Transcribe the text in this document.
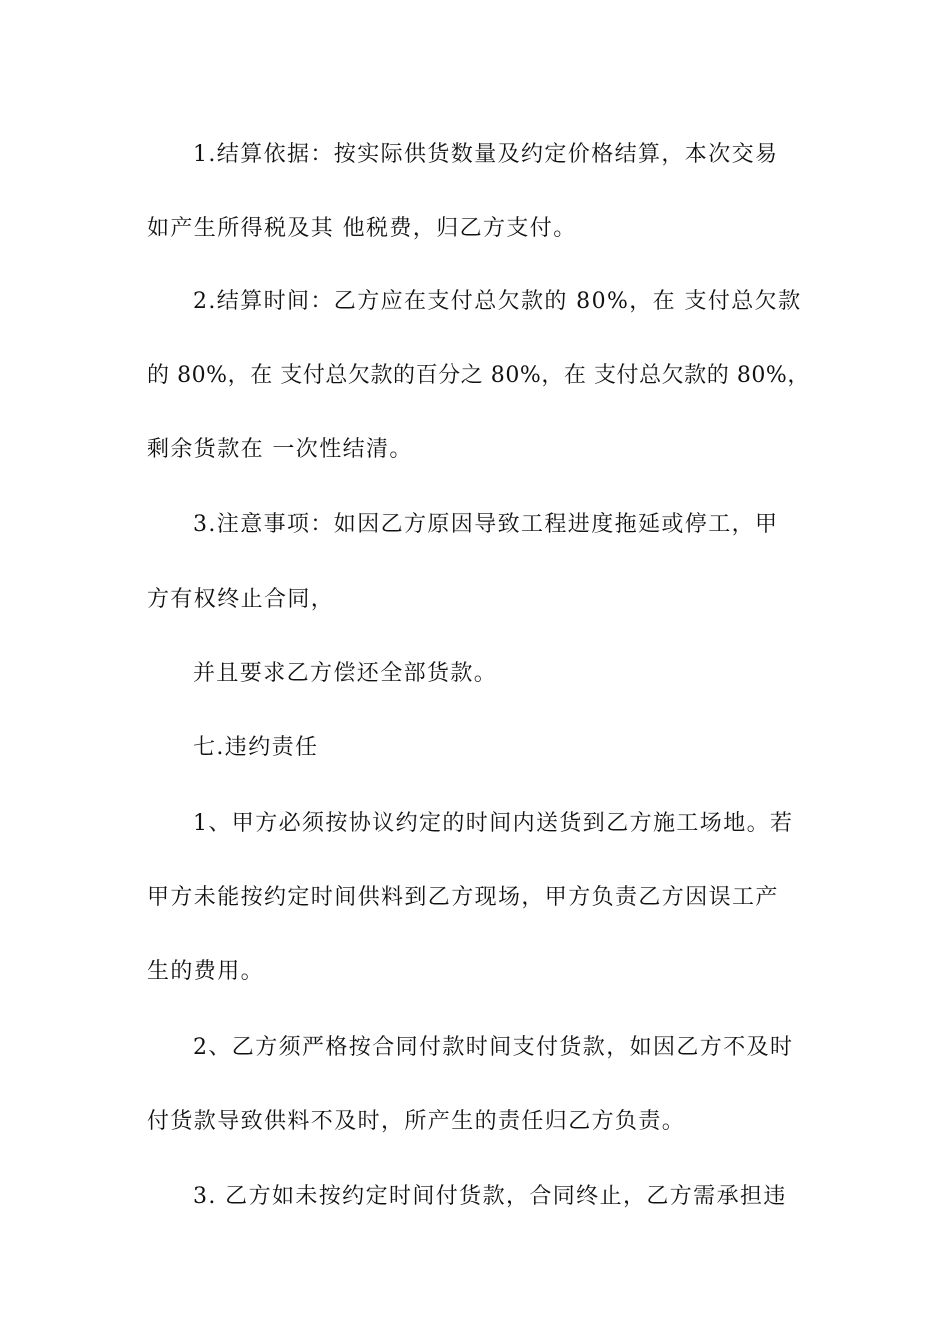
1.结算依据：按实际供货数量及约定价格结算，本次交易
如产生所得税及其 他税费，归乙方支付。
2.结算时间：乙方应在支付总欠款的 80%，在 支付总欠款
的 80%，在 支付总欠款的百分之 80%，在 支付总欠款的 80%，
剩余货款在 一次性结清。
3.注意事项：如因乙方原因导致工程进度拖延或停工，甲
方有权终止合同，
并且要求乙方偿还全部货款。
七.违约责任
1、甲方必须按协议约定的时间内送货到乙方施工场地。若
甲方未能按约定时间供料到乙方现场，甲方负责乙方因误工产
生的费用。
2、乙方须严格按合同付款时间支付货款，如因乙方不及时
付货款导致供料不及时，所产生的责任归乙方负责。
3. 乙方如未按约定时间付货款，合同终止，乙方需承担违
